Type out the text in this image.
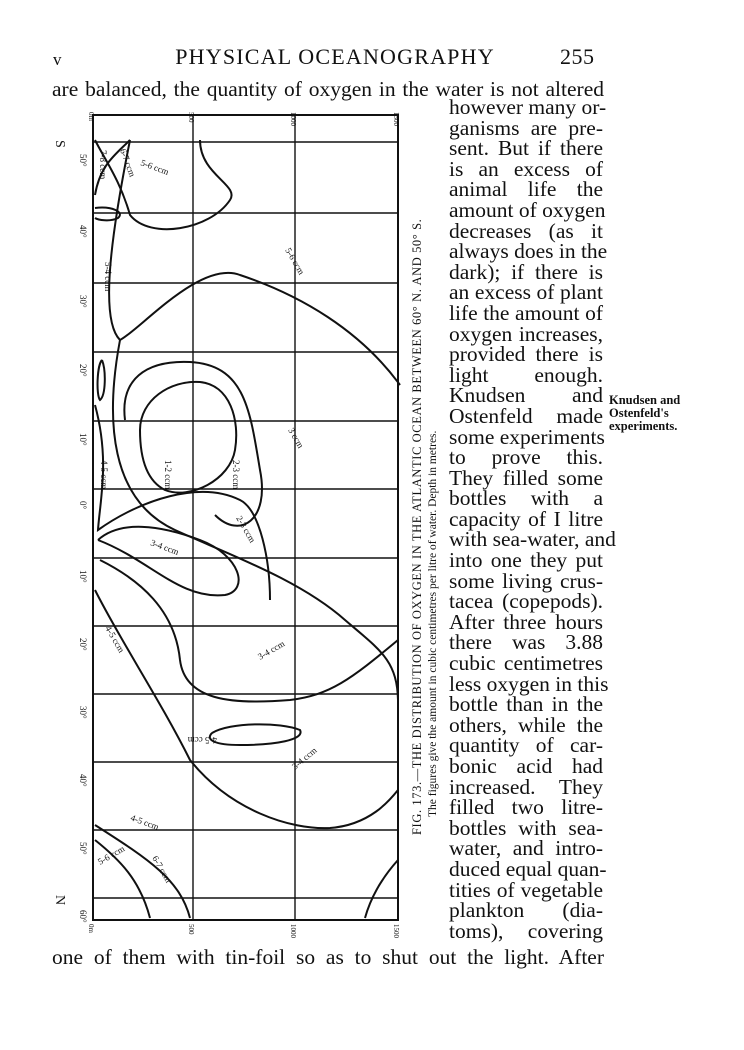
v	PHYSICAL OCEANOGRAPHY	255
are balanced, the quantity of oxygen in the water is not altered
however many or-
ganisms are pre-
sent. But if there
is an excess of
animal life the
amount of oxygen
decreases (as it
always does in the
dark); if there is
an excess of plant
life the amount of
oxygen increases,
provided there is
light enough.
Knudsen and
Ostenfeld made
some experiments
to prove this.
They filled some
bottles with a
capacity of I litre
with sea-water, and
into one they put
some living crus-
tacea (copepods).
After three hours
there was 3.88
cubic centimetres
less oxygen in this
bottle than in the
others, while the
quantity of car-
bonic acid had
increased. They
filled two litre-
bottles with sea-
water, and intro-
duced equal quan-
tities of vegetable
plankton (dia-
toms), covering
Knudsen and
Ostenfeld's
experiments.
0m
0m
500
500
1000
1000
1500
1500
50°
40°
30°
20°
10°
0°
10°
20°
30°
40°
50°
60°
S
N
7-8 ccm 6-7 ccm 5-6 ccm
5-6 ccm
5-4 ccm
4-5 ccm	1-2 ccm	2-3 ccm
3 ccm
3-4 ccm
3-4 ccm
4-5 ccm
4-5 ccm
3-4 ccm
4-5 ccm
5-6 ccm	6-7 ccm
2-3 ccm	FIG. 173.—THE DISTRIBUTION OF OXYGEN IN THE ATLANTIC OCEAN BETWEEN 60° N. AND 50° S. The figures give the amount in cubic centimetres per litre of water. Depth in metres.
one of them with tin-foil so as to shut out the light. After
